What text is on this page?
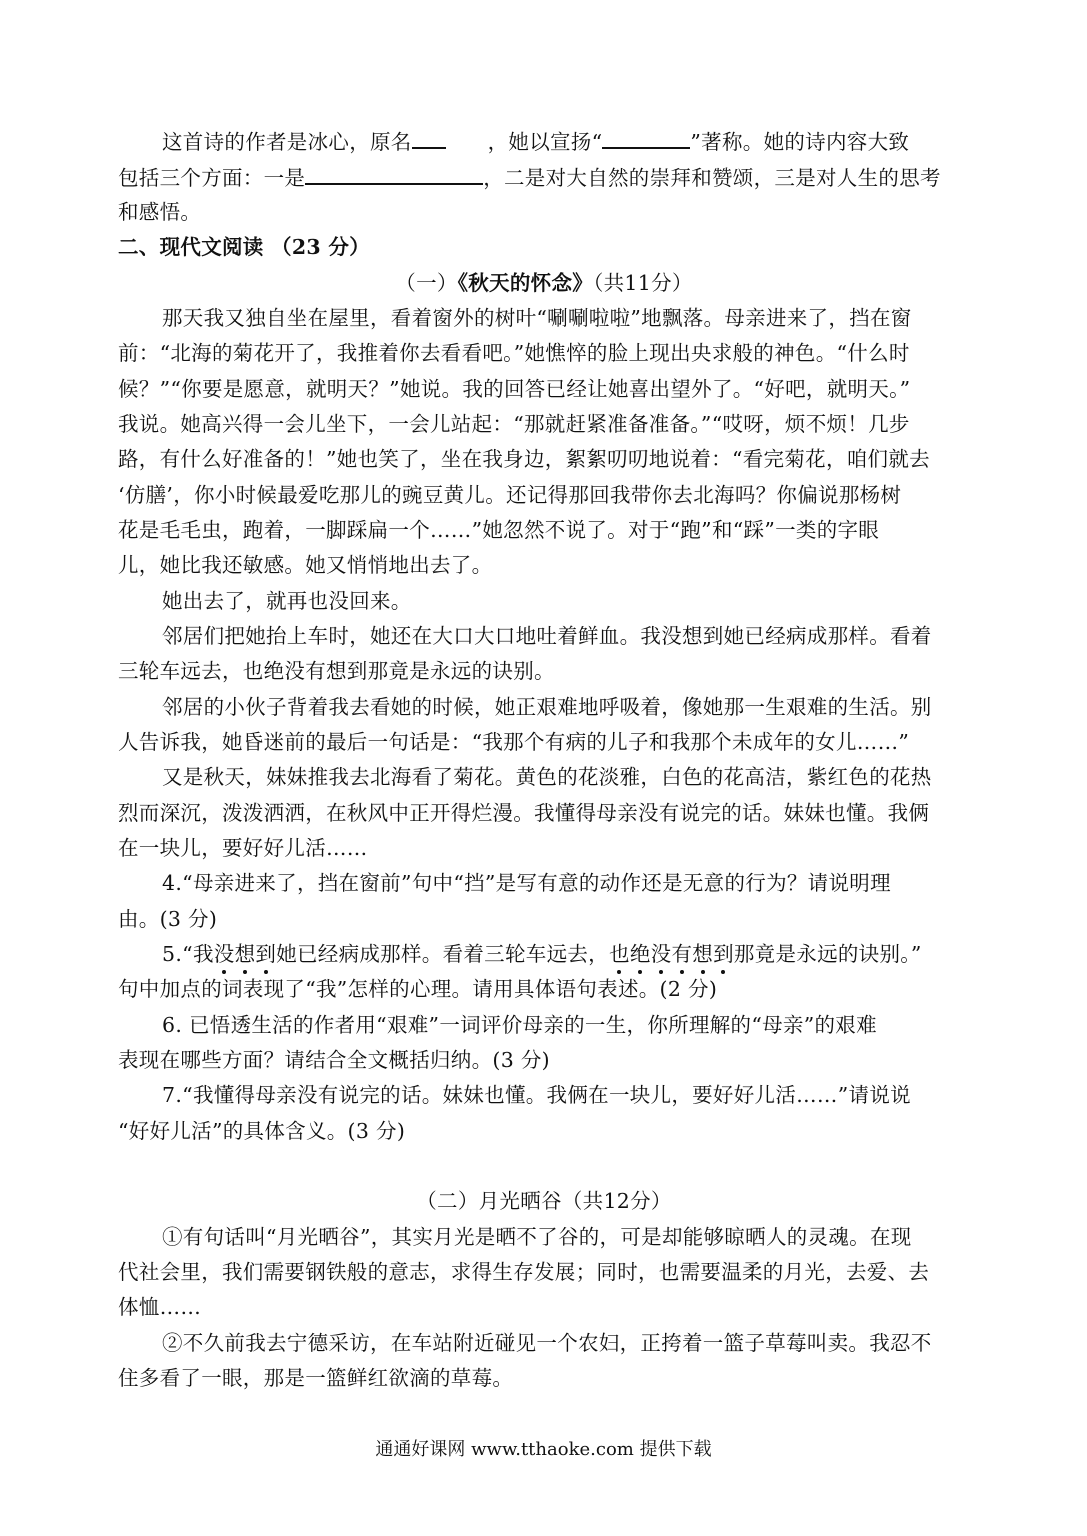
这首诗的作者是冰心，原名	，她以宣扬“	”著称。她的诗内容大致
包括三个方面：一是	，二是对大自然的崇拜和赞颂，三是对人生的思考
和感悟。
二、现代文阅读 （23 分）
（一）《秋天的怀念》（共11分）
那天我又独自坐在屋里，看着窗外的树叶“唰唰啦啦”地飘落。母亲进来了，挡在窗
前：“北海的菊花开了，我推着你去看看吧。”她憔悴的脸上现出央求般的神色。“什么时
候？”“你要是愿意，就明天？”她说。我的回答已经让她喜出望外了。“好吧，就明天。”
我说。她高兴得一会儿坐下，一会儿站起：“那就赶紧准备准备。”“哎呀，烦不烦！几步
路，有什么好准备的！”她也笑了，坐在我身边，絮絮叨叨地说着：“看完菊花，咱们就去
‘仿膳’，你小时候最爱吃那儿的豌豆黄儿。还记得那回我带你去北海吗？你偏说那杨树
花是毛毛虫，跑着，一脚踩扁一个……”她忽然不说了。对于“跑”和“踩”一类的字眼
儿，她比我还敏感。她又悄悄地出去了。
她出去了，就再也没回来。
邻居们把她抬上车时，她还在大口大口地吐着鲜血。我没想到她已经病成那样。看着
三轮车远去，也绝没有想到那竟是永远的诀别。
邻居的小伙子背着我去看她的时候，她正艰难地呼吸着，像她那一生艰难的生活。别
人告诉我，她昏迷前的最后一句话是：“我那个有病的儿子和我那个未成年的女儿……”
又是秋天，妹妹推我去北海看了菊花。黄色的花淡雅，白色的花高洁，紫红色的花热
烈而深沉，泼泼洒洒，在秋风中正开得烂漫。我懂得母亲没有说完的话。妹妹也懂。我俩
在一块儿，要好好儿活……
4.“母亲进来了，挡在窗前”句中“挡”是写有意的动作还是无意的行为？请说明理
由。(3 分)
5.“我没想到她已经病成那样。看着三轮车远去，也绝没有想到那竟是永远的诀别。”
句中加点的词表现了“我”怎样的心理。请用具体语句表述。(2 分)
6. 已悟透生活的作者用“艰难”一词评价母亲的一生，你所理解的“母亲”的艰难
表现在哪些方面？请结合全文概括归纳。(3 分)
7.“我懂得母亲没有说完的话。妹妹也懂。我俩在一块儿，要好好儿活……”请说说
“好好儿活”的具体含义。(3 分)
（二）月光晒谷（共12分）
①有句话叫“月光晒谷”，其实月光是晒不了谷的，可是却能够晾晒人的灵魂。在现
代社会里，我们需要钢铁般的意志，求得生存发展；同时，也需要温柔的月光，去爱、去
体恤……
②不久前我去宁德采访，在车站附近碰见一个农妇，正挎着一篮子草莓叫卖。我忍不
住多看了一眼，那是一篮鲜红欲滴的草莓。
通通好课网 www.tthaoke.com 提供下载
